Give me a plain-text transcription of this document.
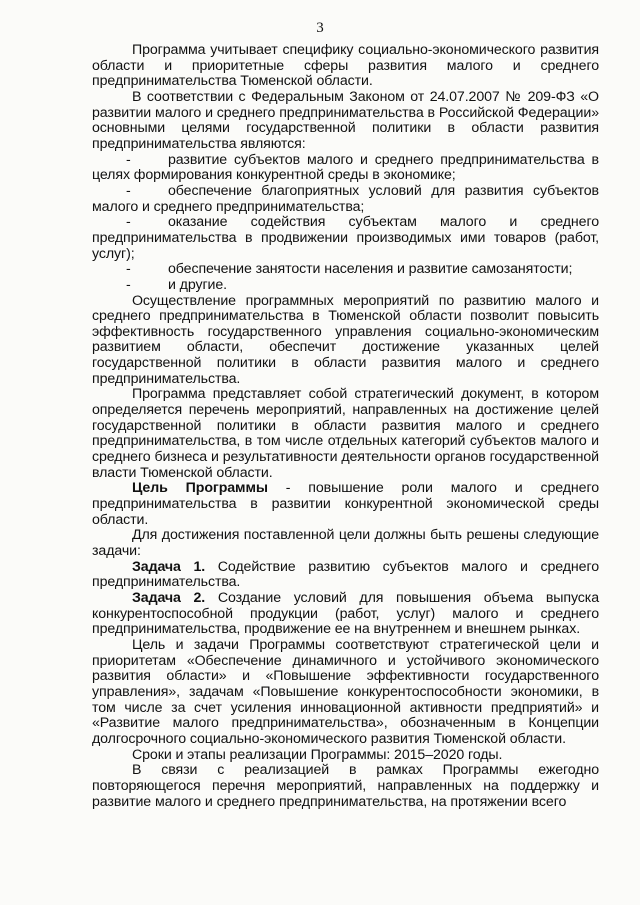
3

Программа учитывает специфику социально-экономического развития области и приоритетные сферы развития малого и среднего предпринимательства Тюменской области.

В соответствии с Федеральным Законом от 24.07.2007 № 209-ФЗ «О развитии малого и среднего предпринимательства в Российской Федерации» основными целями государственной политики в области развития предпринимательства являются:

-	развитие субъектов малого и среднего предпринимательства в целях формирования конкурентной среды в экономике;

-	обеспечение благоприятных условий для развития субъектов малого и среднего предпринимательства;

-	оказание содействия субъектам малого и среднего предпринимательства в продвижении производимых ими товаров (работ, услуг);

-	обеспечение занятости населения и развитие самозанятости;

-	и другие.

Осуществление программных мероприятий по развитию малого и среднего предпринимательства в Тюменской области позволит повысить эффективность государственного управления социально-экономическим развитием области, обеспечит достижение указанных целей государственной политики в области развития малого и среднего предпринимательства.

Программа представляет собой стратегический документ, в котором определяется перечень мероприятий, направленных на достижение целей государственной политики в области развития малого и среднего предпринимательства, в том числе отдельных категорий субъектов малого и среднего бизнеса и результативности деятельности органов государственной власти Тюменской области.

Цель Программы - повышение роли малого и среднего предпринимательства в развитии конкурентной экономической среды области.

Для достижения поставленной цели должны быть решены следующие задачи:

Задача 1. Содействие развитию субъектов малого и среднего предпринимательства.

Задача 2. Создание условий для повышения объема выпуска конкурентоспособной продукции (работ, услуг) малого и среднего предпринимательства, продвижение ее на внутреннем и внешнем рынках.

Цель и задачи Программы соответствуют стратегической цели и приоритетам «Обеспечение динамичного и устойчивого экономического развития области» и «Повышение эффективности государственного управления», задачам «Повышение конкурентоспособности экономики, в том числе за счет усиления инновационной активности предприятий» и «Развитие малого предпринимательства», обозначенным в Концепции долгосрочного социально-экономического развития Тюменской области.

Сроки и этапы реализации Программы: 2015–2020 годы.

В связи с реализацией в рамках Программы ежегодно повторяющегося перечня мероприятий, направленных на поддержку и развитие малого и среднего предпринимательства, на протяжении всего
